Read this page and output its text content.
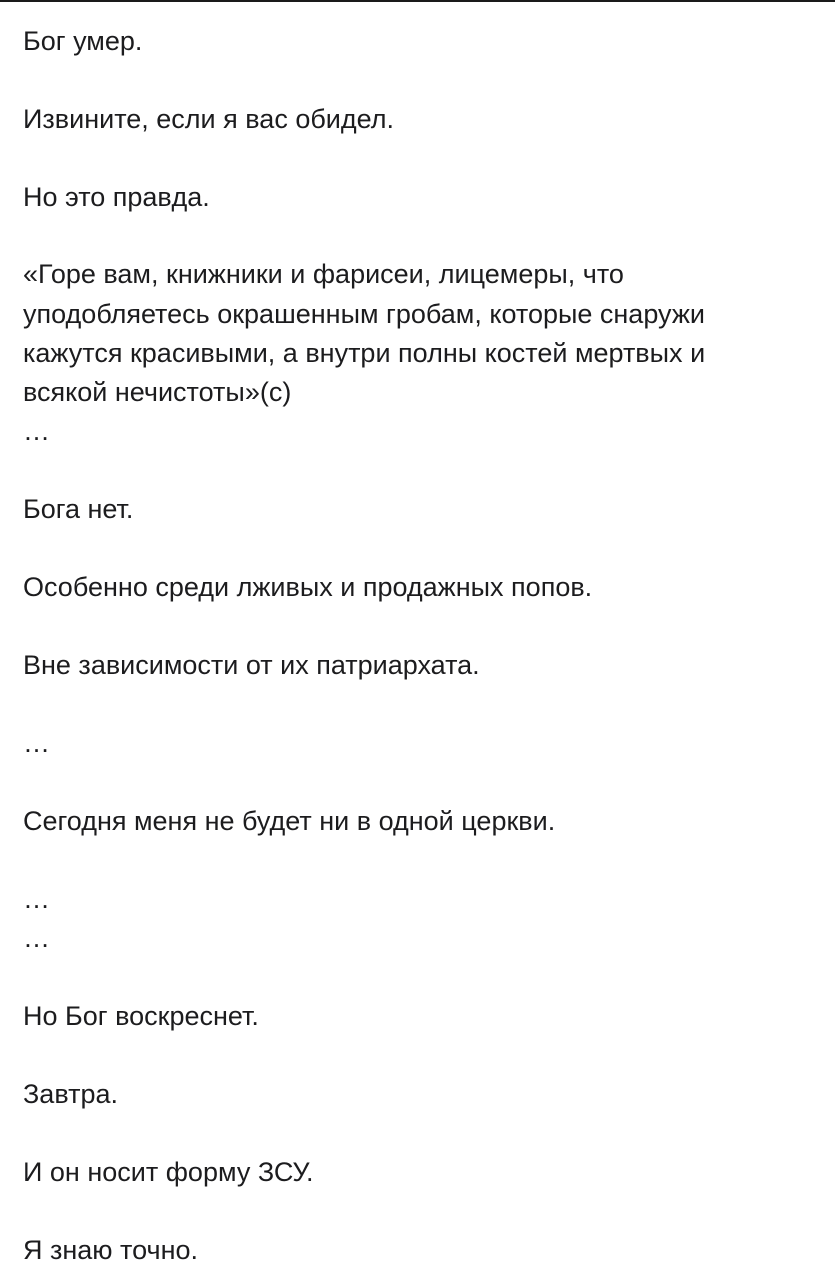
Бог умер.
Извините, если я вас обидел.
Но это правда.
«Горе вам, книжники и фарисеи, лицемеры, что
уподобляетесь окрашенным гробам, которые снаружи
кажутся красивыми, а внутри полны костей мертвых и
всякой нечистоты»(с)
…
Бога нет.
Особенно среди лживых и продажных попов.
Вне зависимости от их патриархата.
…
Сегодня меня не будет ни в одной церкви.
…
…
Но Бог воскреснет.
Завтра.
И он носит форму ЗСУ.
Я знаю точно.
